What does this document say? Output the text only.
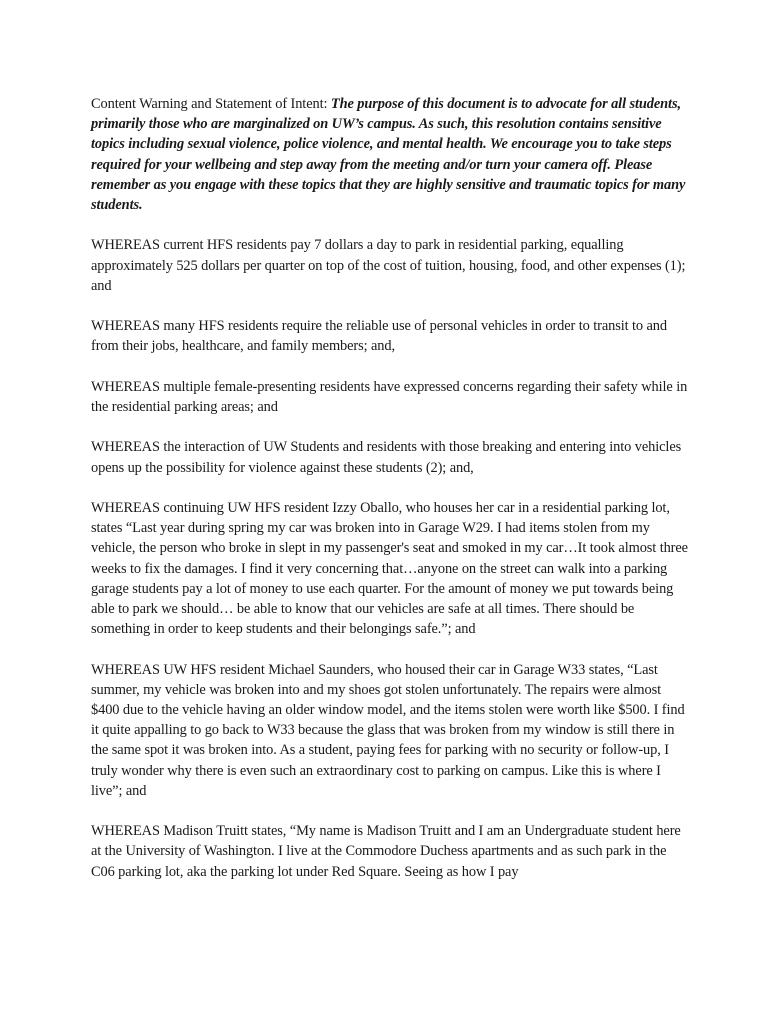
Content Warning and Statement of Intent: The purpose of this document is to advocate for all students, primarily those who are marginalized on UW’s campus. As such, this resolution contains sensitive topics including sexual violence, police violence, and mental health. We encourage you to take steps required for your wellbeing and step away from the meeting and/or turn your camera off. Please remember as you engage with these topics that they are highly sensitive and traumatic topics for many students.

WHEREAS current HFS residents pay 7 dollars a day to park in residential parking, equalling approximately 525 dollars per quarter on top of the cost of tuition, housing, food, and other expenses (1); and

WHEREAS many HFS residents require the reliable use of personal vehicles in order to transit to and from their jobs, healthcare, and family members; and,

WHEREAS multiple female-presenting residents have expressed concerns regarding their safety while in the residential parking areas; and

WHEREAS the interaction of UW Students and residents with those breaking and entering into vehicles opens up the possibility for violence against these students (2); and,

WHEREAS continuing UW HFS resident Izzy Oballo, who houses her car in a residential parking lot, states “Last year during spring my car was broken into in Garage W29. I had items stolen from my vehicle, the person who broke in slept in my passenger's seat and smoked in my car…It took almost three weeks to fix the damages. I find it very concerning that…anyone on the street can walk into a parking garage students pay a lot of money to use each quarter. For the amount of money we put towards being able to park we should… be able to know that our vehicles are safe at all times. There should be something in order to keep students and their belongings safe.”; and

WHEREAS UW HFS resident Michael Saunders, who housed their car in Garage W33 states, “Last summer, my vehicle was broken into and my shoes got stolen unfortunately. The repairs were almost $400 due to the vehicle having an older window model, and the items stolen were worth like $500. I find it quite appalling to go back to W33 because the glass that was broken from my window is still there in the same spot it was broken into. As a student, paying fees for parking with no security or follow-up, I truly wonder why there is even such an extraordinary cost to parking on campus. Like this is where I live”; and

WHEREAS Madison Truitt states, “My name is Madison Truitt and I am an Undergraduate student here at the University of Washington. I live at the Commodore Duchess apartments and as such park in the C06 parking lot, aka the parking lot under Red Square. Seeing as how I pay
